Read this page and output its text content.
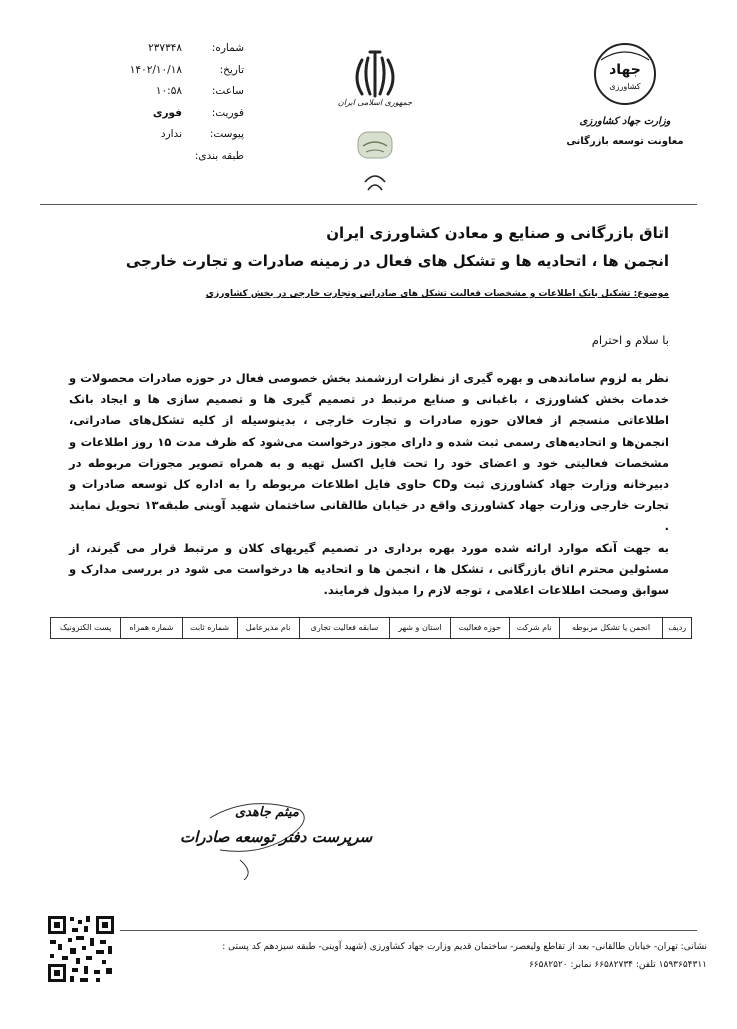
شماره:
۲۳۷۳۴۸
تاریخ:
۱۴۰۲/۱۰/۱۸
ساعت:
۱۰:۵۸
فوریت:
فوری
پیوست:
ندارد
طبقه بندی:
جمهوری اسلامی ایران
جهاد
کشاورزی
وزارت جهاد کشاورزی
معاونت توسعه بازرگانی
اتاق بازرگانی و صنایع و معادن کشاورزی ایران
انجمن ها ، اتحادیه ها و تشکل های فعال در زمینه صادرات و تجارت خارجی
موضوع: تشکیل بانک اطلاعات و مشخصات فعالیت تشکل های صادراتی وتجارت خارجی در بخش کشاورزی
با سلام و احترام
نظر به لزوم ساماندهی و بهره گیری از نظرات ارزشمند بخش خصوصی فعال در حوزه صادرات محصولات و خدمات بخش کشاورزی ، باغبانی و صنایع مرتبط در تصمیم گیری ها و تصمیم سازی ها و ایجاد بانک اطلاعاتی منسجم از فعالان حوزه صادرات و تجارت خارجی ، بدینوسیله از کلیه تشکل‌های صادراتی، انجمن‌ها و اتحادیه‌های رسمی ثبت شده و دارای مجوز درخواست می‌شود که ظرف مدت ۱۵ روز اطلاعات و مشخصات فعالیتی خود و اعضای خود را تحت فایل اکسل تهیه و به همراه تصویر مجوزات مربوطه در دبیرخانه وزارت جهاد کشاورزی ثبت وCD حاوی فایل اطلاعات مربوطه را به اداره کل توسعه صادرات و تجارت خارجی وزارت جهاد کشاورزی واقع در خیابان طالقانی ساختمان شهید آوینی طبقه۱۳ تحویل نمایند .
به جهت آنکه موارد ارائه شده مورد بهره برداری در تصمیم گیریهای کلان و مرتبط قرار می گیرند، از مسئولین محترم اتاق بازرگانی ، تشکل ها ، انجمن ها و اتحادیه ها درخواست می شود در بررسی مدارک و سوابق وصحت اطلاعات اعلامی ، توجه لازم را مبذول فرمایند.
ردیف	انجمن یا تشکل مربوطه	نام شرکت	حوزه فعالیت	استان و شهر	سابقه فعالیت تجاری	نام مدیرعامل	شماره ثابت	شماره همراه	پست الکترونیک
میثم جاهدی
سرپرست دفتر توسعه صادرات
نشانی: تهران- خیابان طالقانی- بعد از تقاطع ولیعصر- ساختمان قدیم وزارت جهاد کشاورزی (شهید آوینی- طبقه سیزدهم کد پستی :
۱۵۹۳۶۵۴۳۱۱ تلفن: ۶۶۵۸۲۷۳۴ نمابر: ۶۶۵۸۲۵۲۰
